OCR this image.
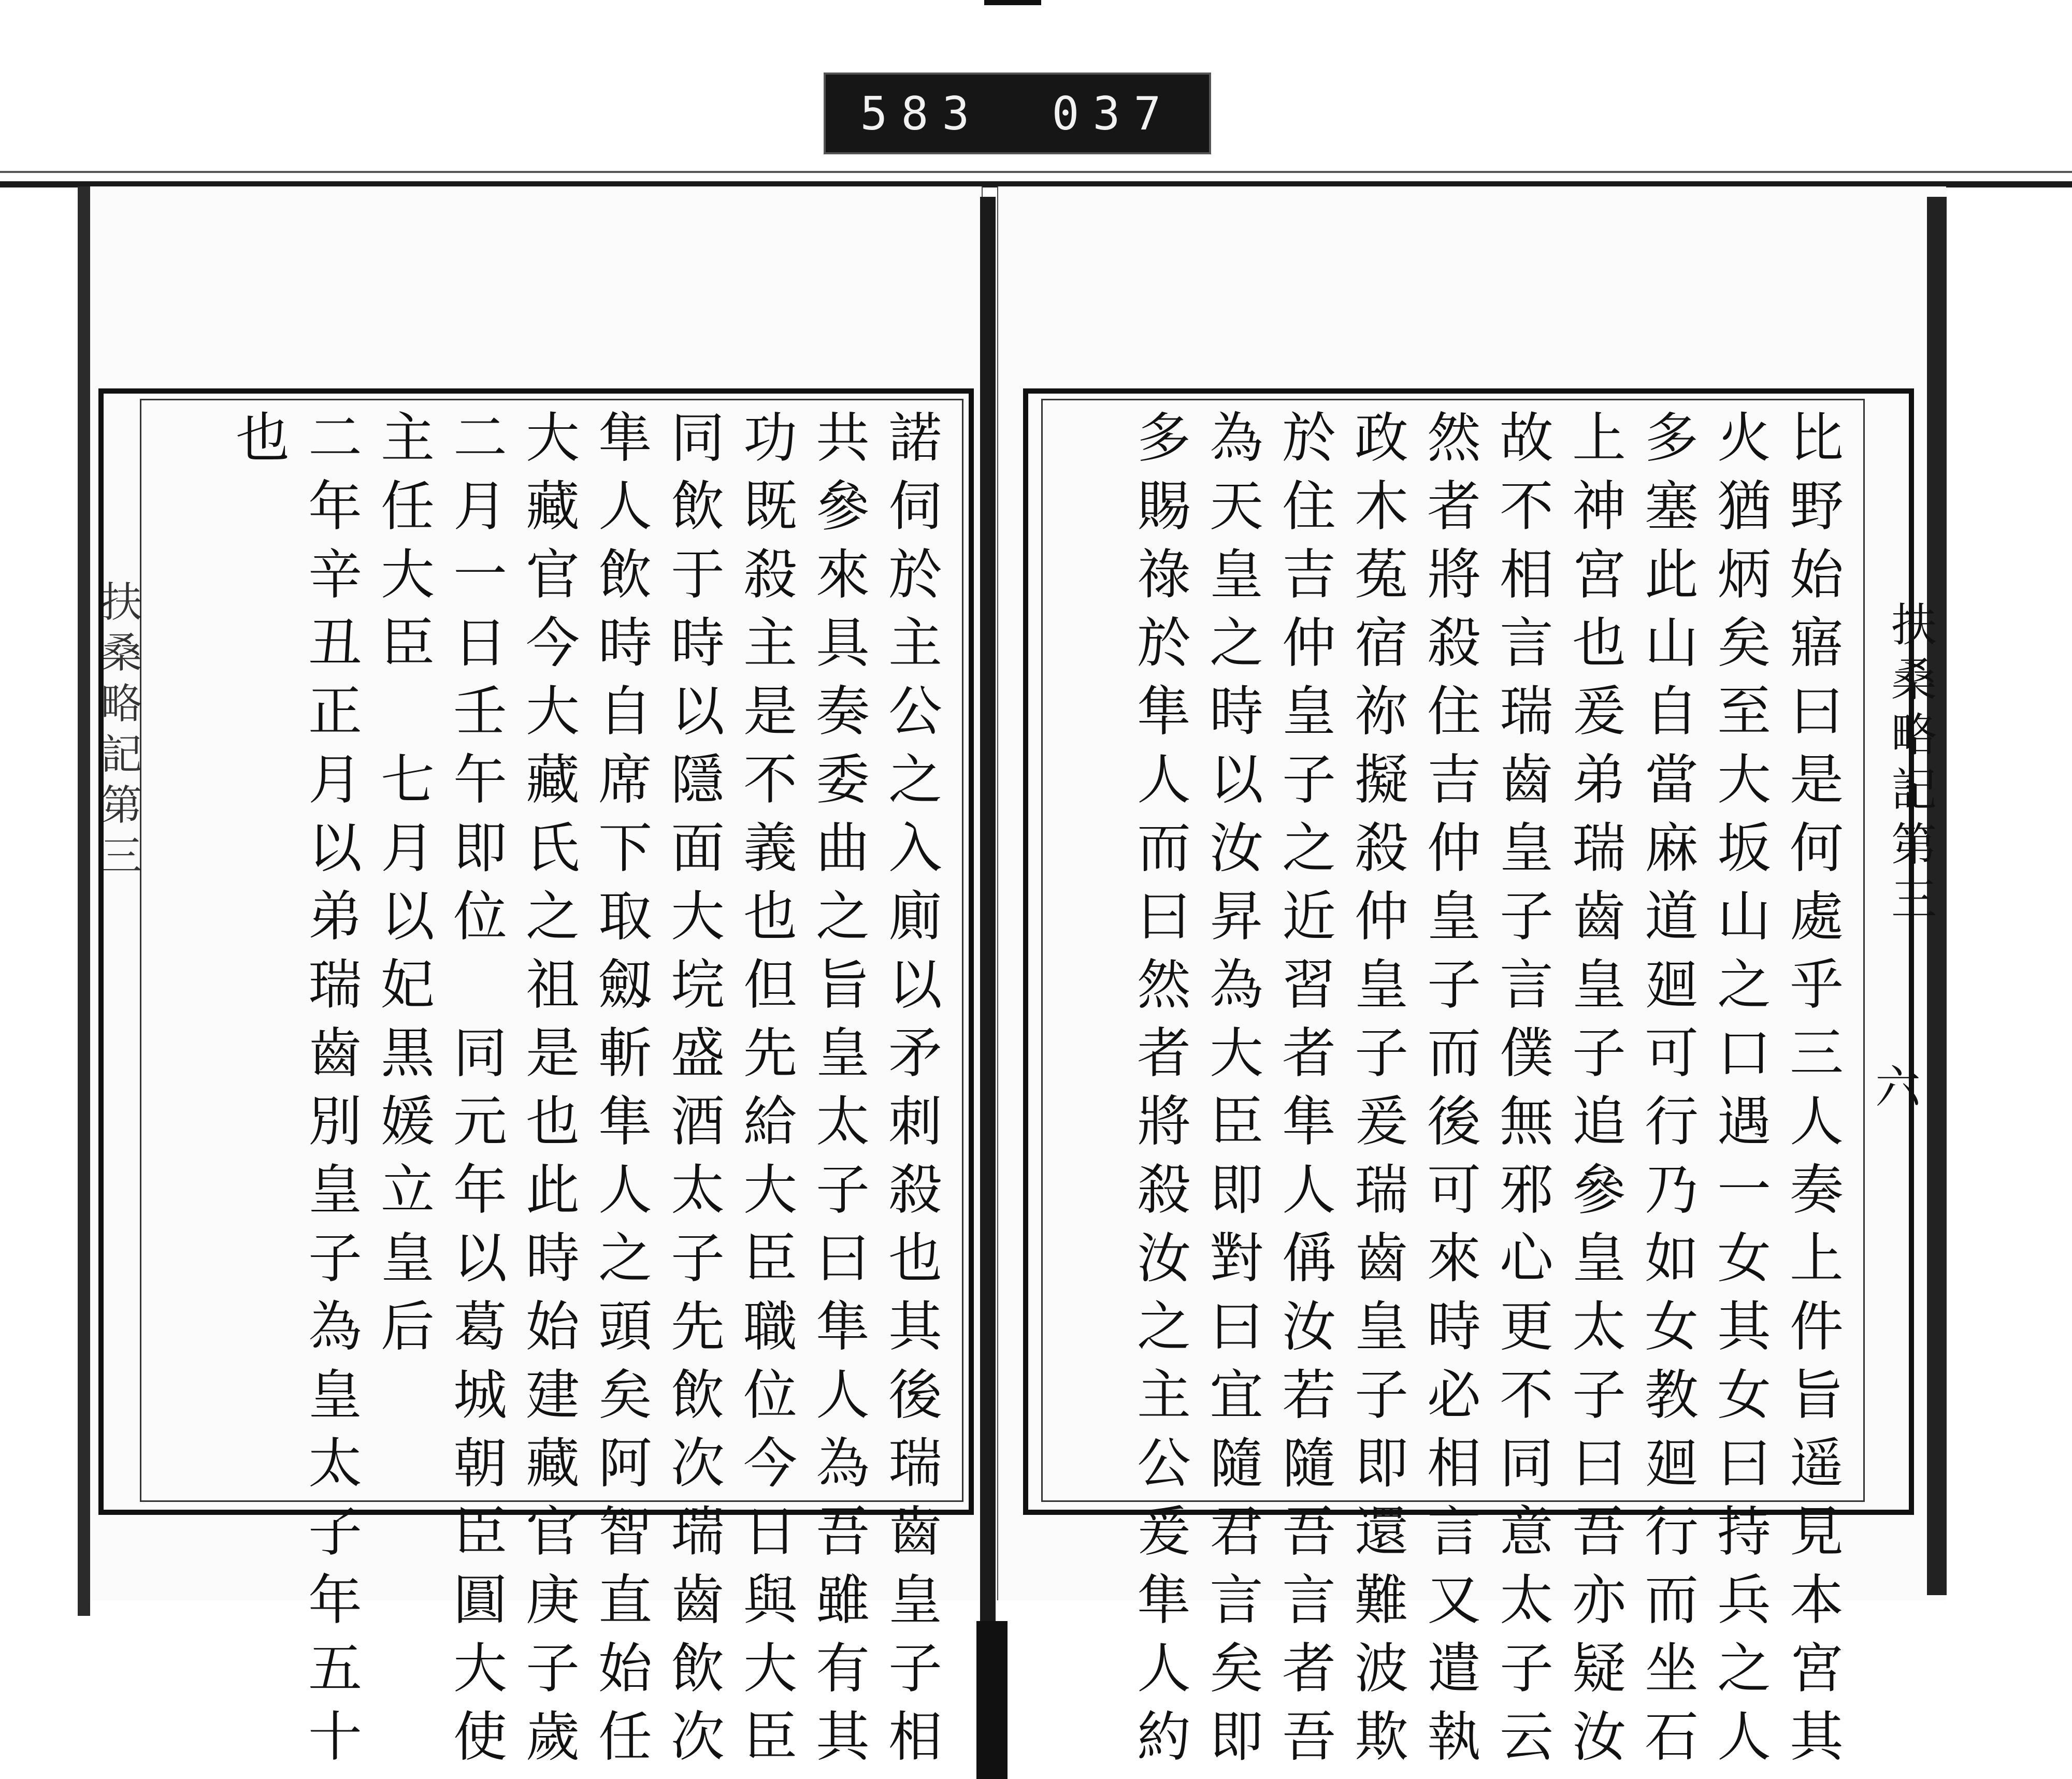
583 037
扶桑略記第三
六
扶桑略記第三	比野始寤曰是何處乎三人奏上件旨遥見本宮其
火猶炳矣至大坂山之口遇一女其女曰持兵之人
多塞此山自當麻道廻可行乃如女教廻行而坐石
上神宮也爰弟瑞齒皇子追參皇太子曰吾亦疑汝
故不相言瑞齒皇子言僕無邪心更不同意太子云
然者將殺住吉仲皇子而後可來時必相言又遣執
政木菟宿祢擬殺仲皇子爰瑞齒皇子即還難波欺
於住吉仲皇子之近習者隼人偁汝若隨吾言者吾
為天皇之時以汝昇為大臣即對曰宜隨君言矣即
多賜祿於隼人而曰然者將殺汝之主公爰隼人約
諾伺於主公之入廁以矛刺殺也其後瑞齒皇子相
共參來具奏委曲之旨皇太子曰隼人為吾雖有其
功既殺主是不義也但先給大臣職位今日與大臣
同飲于時以隱面大垸盛酒太子先飲次瑞齒飲次
隼人飲時自席下取劔斬隼人之頭矣阿智直始任
大藏官今大藏氏之祖是也此時始建藏官庚子歲
二月一日壬午即位　同元年以葛城朝臣圓大使
主任大臣　七月以妃黒媛立皇后
二年辛丑正月以弟瑞齒別皇子為皇太子年五十
也
